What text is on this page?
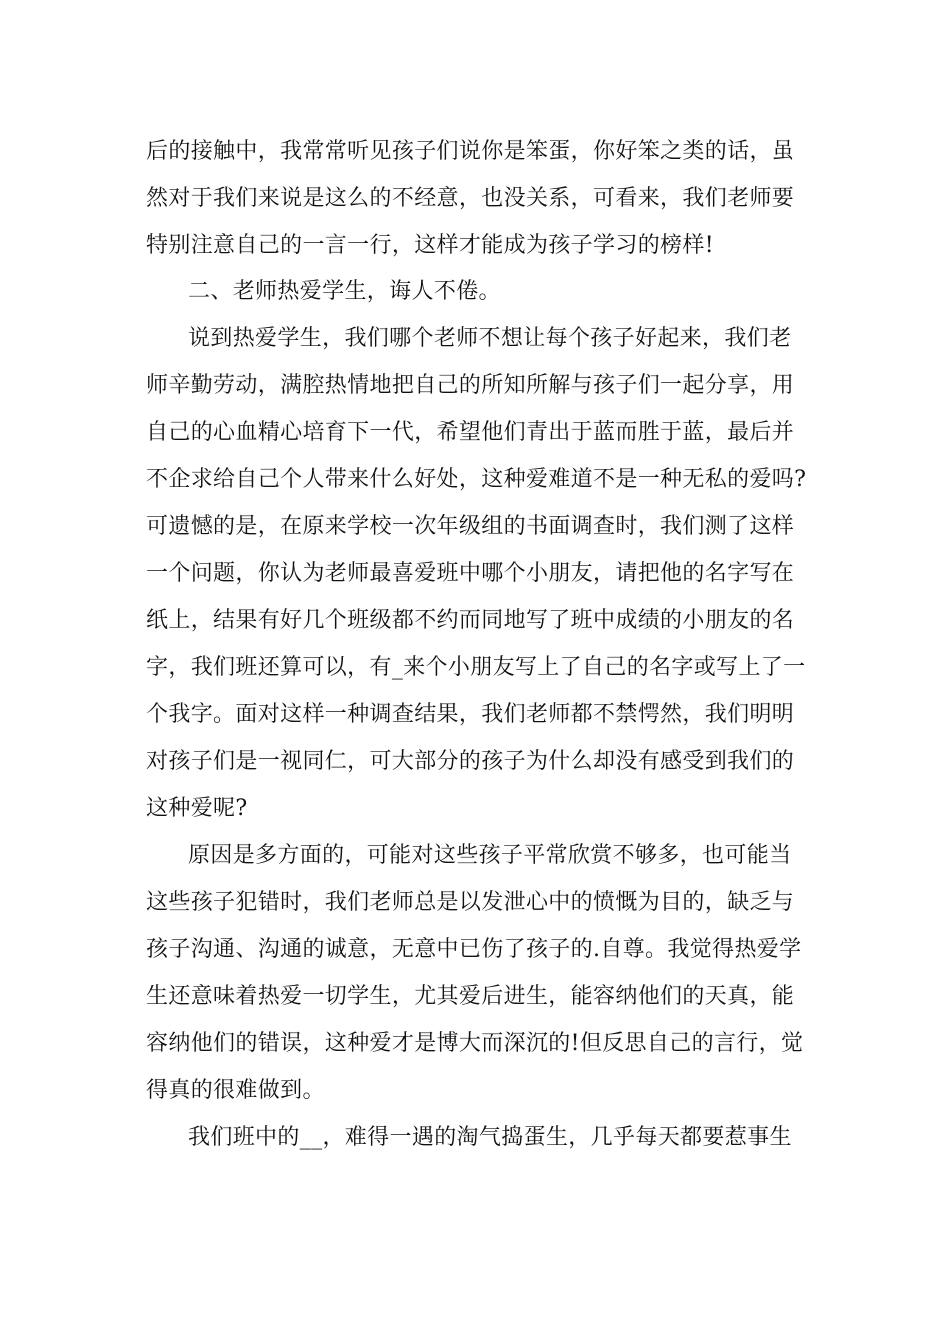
后的接触中，我常常听见孩子们说你是笨蛋，你好笨之类的话，虽
然对于我们来说是这么的不经意，也没关系，可看来，我们老师要
特别注意自己的一言一行，这样才能成为孩子学习的榜样!
二、老师热爱学生，诲人不倦。
说到热爱学生，我们哪个老师不想让每个孩子好起来，我们老
师辛勤劳动，满腔热情地把自己的所知所解与孩子们一起分享，用
自己的心血精心培育下一代，希望他们青出于蓝而胜于蓝，最后并
不企求给自己个人带来什么好处，这种爱难道不是一种无私的爱吗?
可遗憾的是，在原来学校一次年级组的书面调查时，我们测了这样
一个问题，你认为老师最喜爱班中哪个小朋友，请把他的名字写在
纸上，结果有好几个班级都不约而同地写了班中成绩的小朋友的名
字，我们班还算可以，有_来个小朋友写上了自己的名字或写上了一
个我字。面对这样一种调查结果，我们老师都不禁愕然，我们明明
对孩子们是一视同仁，可大部分的孩子为什么却没有感受到我们的
这种爱呢?
原因是多方面的，可能对这些孩子平常欣赏不够多，也可能当
这些孩子犯错时，我们老师总是以发泄心中的愤慨为目的，缺乏与
孩子沟通、沟通的诚意，无意中已伤了孩子的.自尊。我觉得热爱学
生还意味着热爱一切学生，尤其爱后进生，能容纳他们的天真，能
容纳他们的错误，这种爱才是博大而深沉的!但反思自己的言行，觉
得真的很难做到。
我们班中的__，难得一遇的淘气捣蛋生，几乎每天都要惹事生
